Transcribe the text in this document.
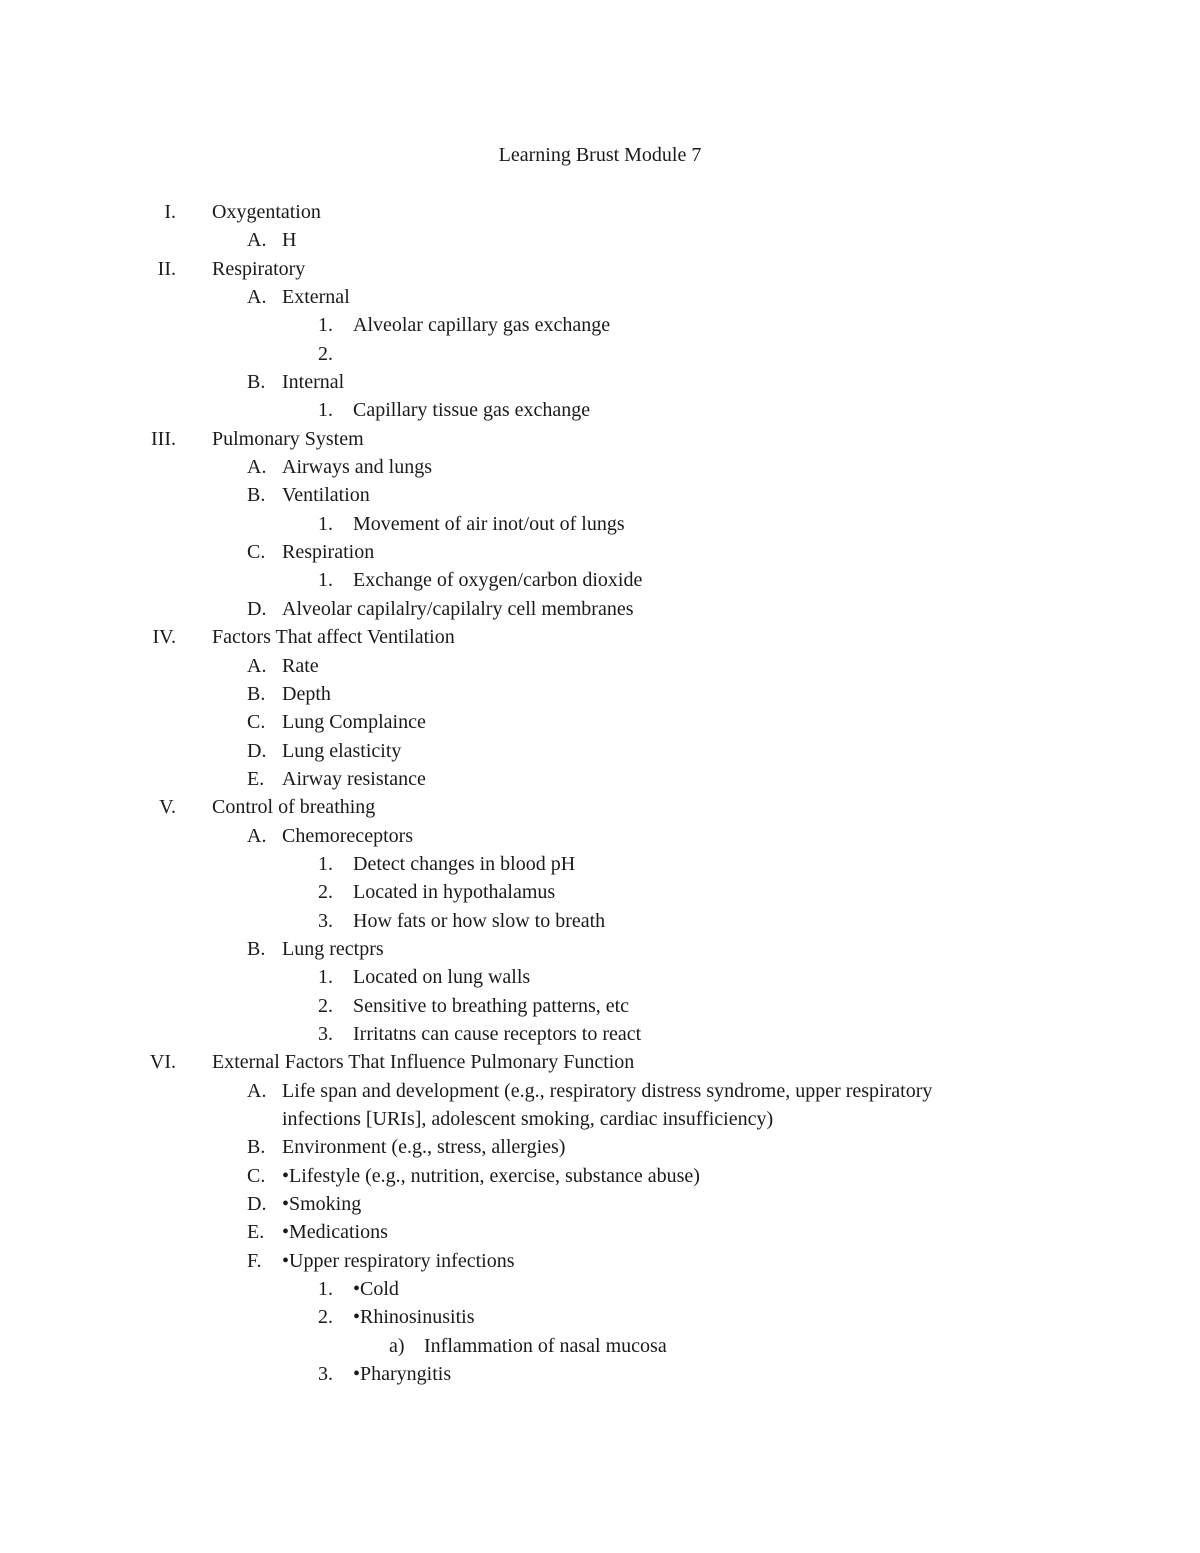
Learning Brust Module 7
I. Oxygentation
A. H
II. Respiratory
A. External
1. Alveolar capillary gas exchange
2.
B. Internal
1. Capillary tissue gas exchange
III. Pulmonary System
A. Airways and lungs
B. Ventilation
1. Movement of air inot/out of lungs
C. Respiration
1. Exchange of oxygen/carbon dioxide
D. Alveolar capilalry/capilalry cell membranes
IV. Factors That affect Ventilation
A. Rate
B. Depth
C. Lung Complaince
D. Lung elasticity
E. Airway resistance
V. Control of breathing
A. Chemoreceptors
1. Detect changes in blood pH
2. Located in hypothalamus
3. How fats or how slow to breath
B. Lung rectprs
1. Located on lung walls
2. Sensitive to breathing patterns, etc
3. Irritatns can cause receptors to react
VI. External Factors That Influence Pulmonary Function
A. Life span and development (e.g., respiratory distress syndrome, upper respiratory
infections [URIs], adolescent smoking, cardiac insufficiency)
B. Environment (e.g., stress, allergies)
C. •Lifestyle (e.g., nutrition, exercise, substance abuse)
D. •Smoking
E. •Medications
F. •Upper respiratory infections
1. •Cold
2. •Rhinosinusitis
a) Inflammation of nasal mucosa
3. •Pharyngitis
